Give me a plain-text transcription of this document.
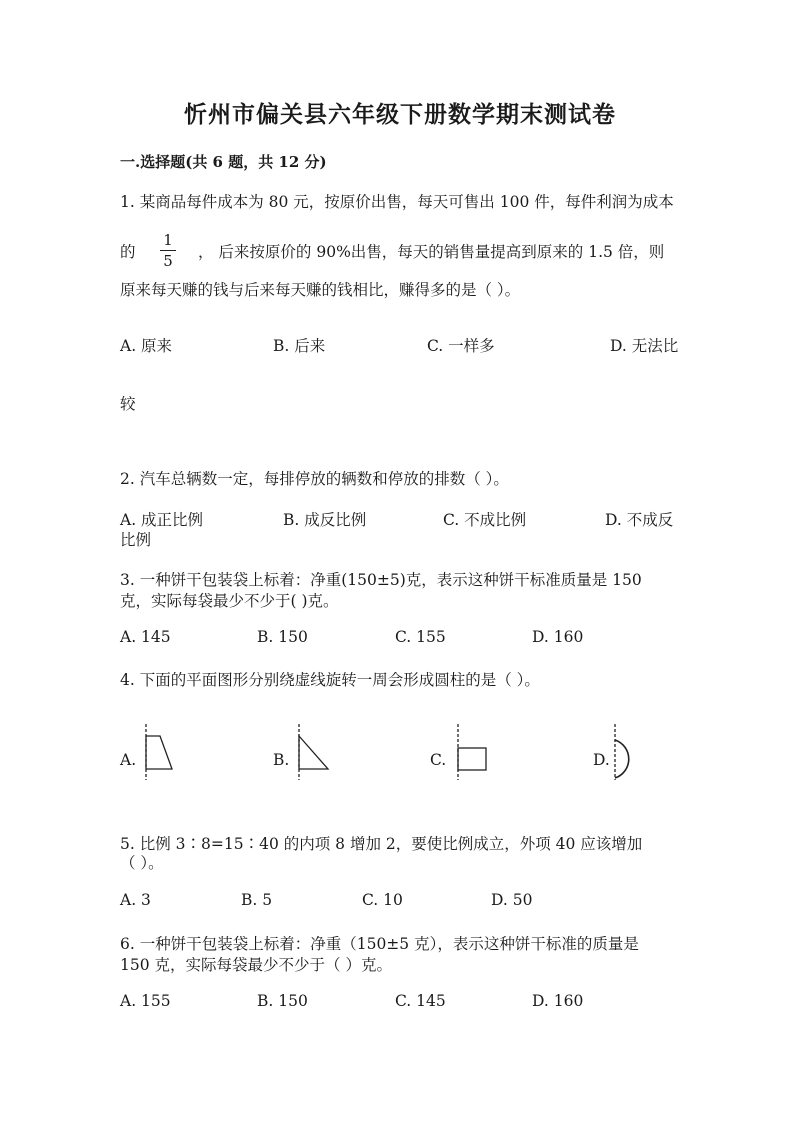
忻州市偏关县六年级下册数学期末测试卷
一.选择题(共 6 题，共 12 分)
1. 某商品每件成本为 80 元，按原价出售，每天可售出 100 件，每件利润为成本
的
1
5 ， 后来按原价的 90%出售，每天的销售量提高到原来的 1.5 倍，则
原来每天赚的钱与后来每天赚的钱相比，赚得多的是（ ）。
A. 原来	B. 后来	C. 一样多	D. 无法比
较
2. 汽车总辆数一定，每排停放的辆数和停放的排数（ ）。
A. 成正比例	B. 成反比例	C. 不成比例	D. 不成反
比例
3. 一种饼干包装袋上标着：净重(150±5)克，表示这种饼干标准质量是 150
克，实际每袋最少不少于( )克。
A. 145	B. 150	C. 155	D. 160
4. 下面的平面图形分别绕虚线旋转一周会形成圆柱的是（ ）。
A.	B.	C.	D.
5. 比例 3∶8=15∶40 的内项 8 增加 2，要使比例成立，外项 40 应该增加
（ ）。
A. 3	B. 5	C. 10	D. 50
6. 一种饼干包装袋上标着：净重（150±5 克），表示这种饼干标准的质量是
150 克，实际每袋最少不少于（ ）克。
A. 155	B. 150	C. 145	D. 160
